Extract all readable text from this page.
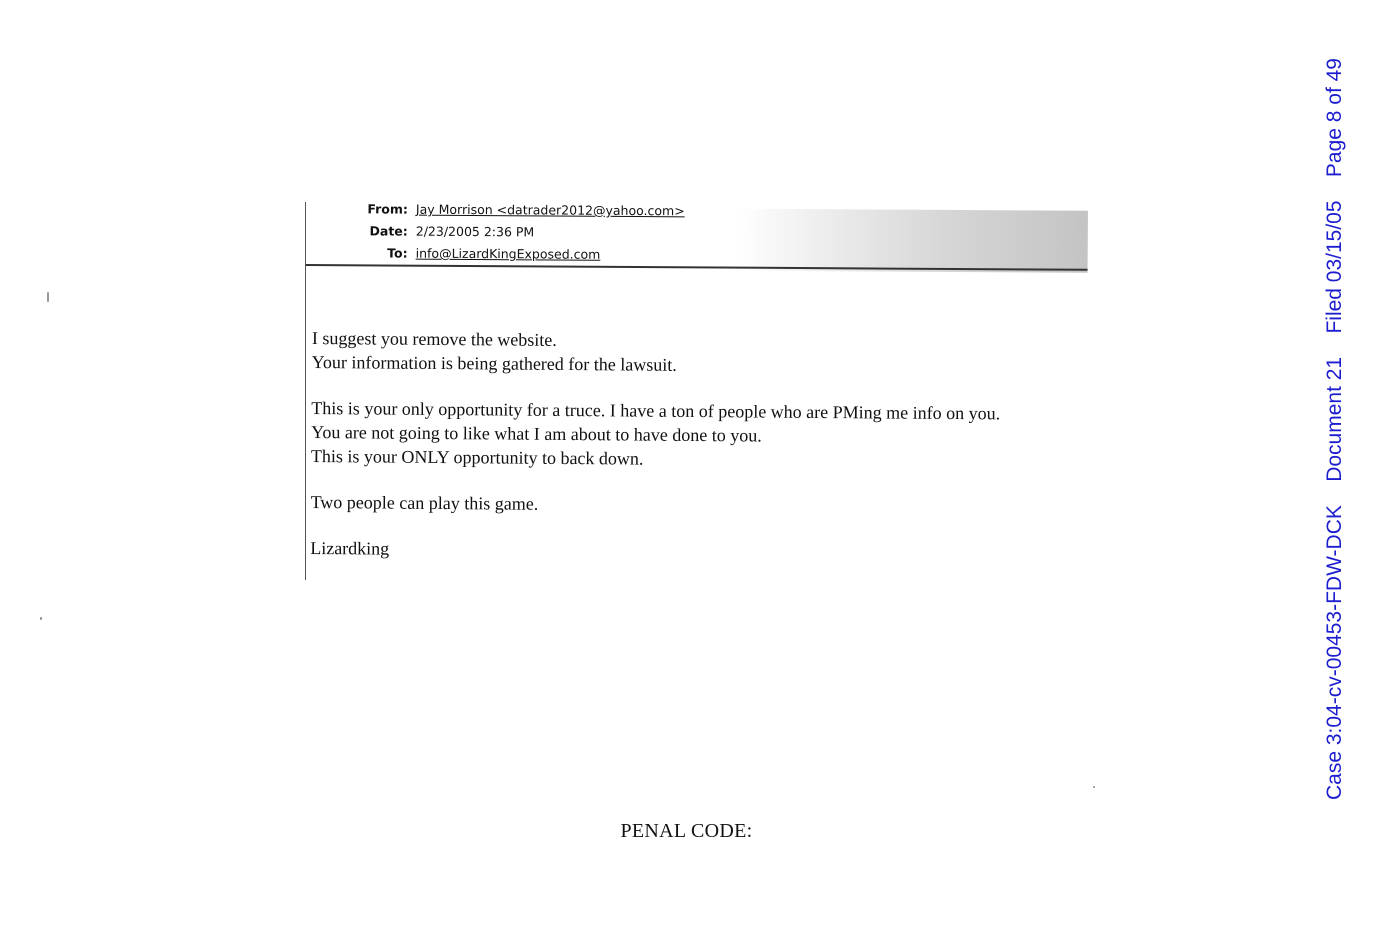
From: Jay Morrison <datrader2012@yahoo.com>
Date: 2/23/2005 2:36 PM
To: info@LizardKingExposed.com

I suggest you remove the website.

Your information is being gathered for the lawsuit.

This is your only opportunity for a truce. I have a ton of people who are PMing me info on you.

You are not going to like what I am about to have done to you.

This is your ONLY opportunity to back down.

Two people can play this game.

Lizardking

PENAL CODE:
Case 3:04-cv-00453-FDW-DCK    Document 21    Filed 03/15/05    Page 8 of 49
